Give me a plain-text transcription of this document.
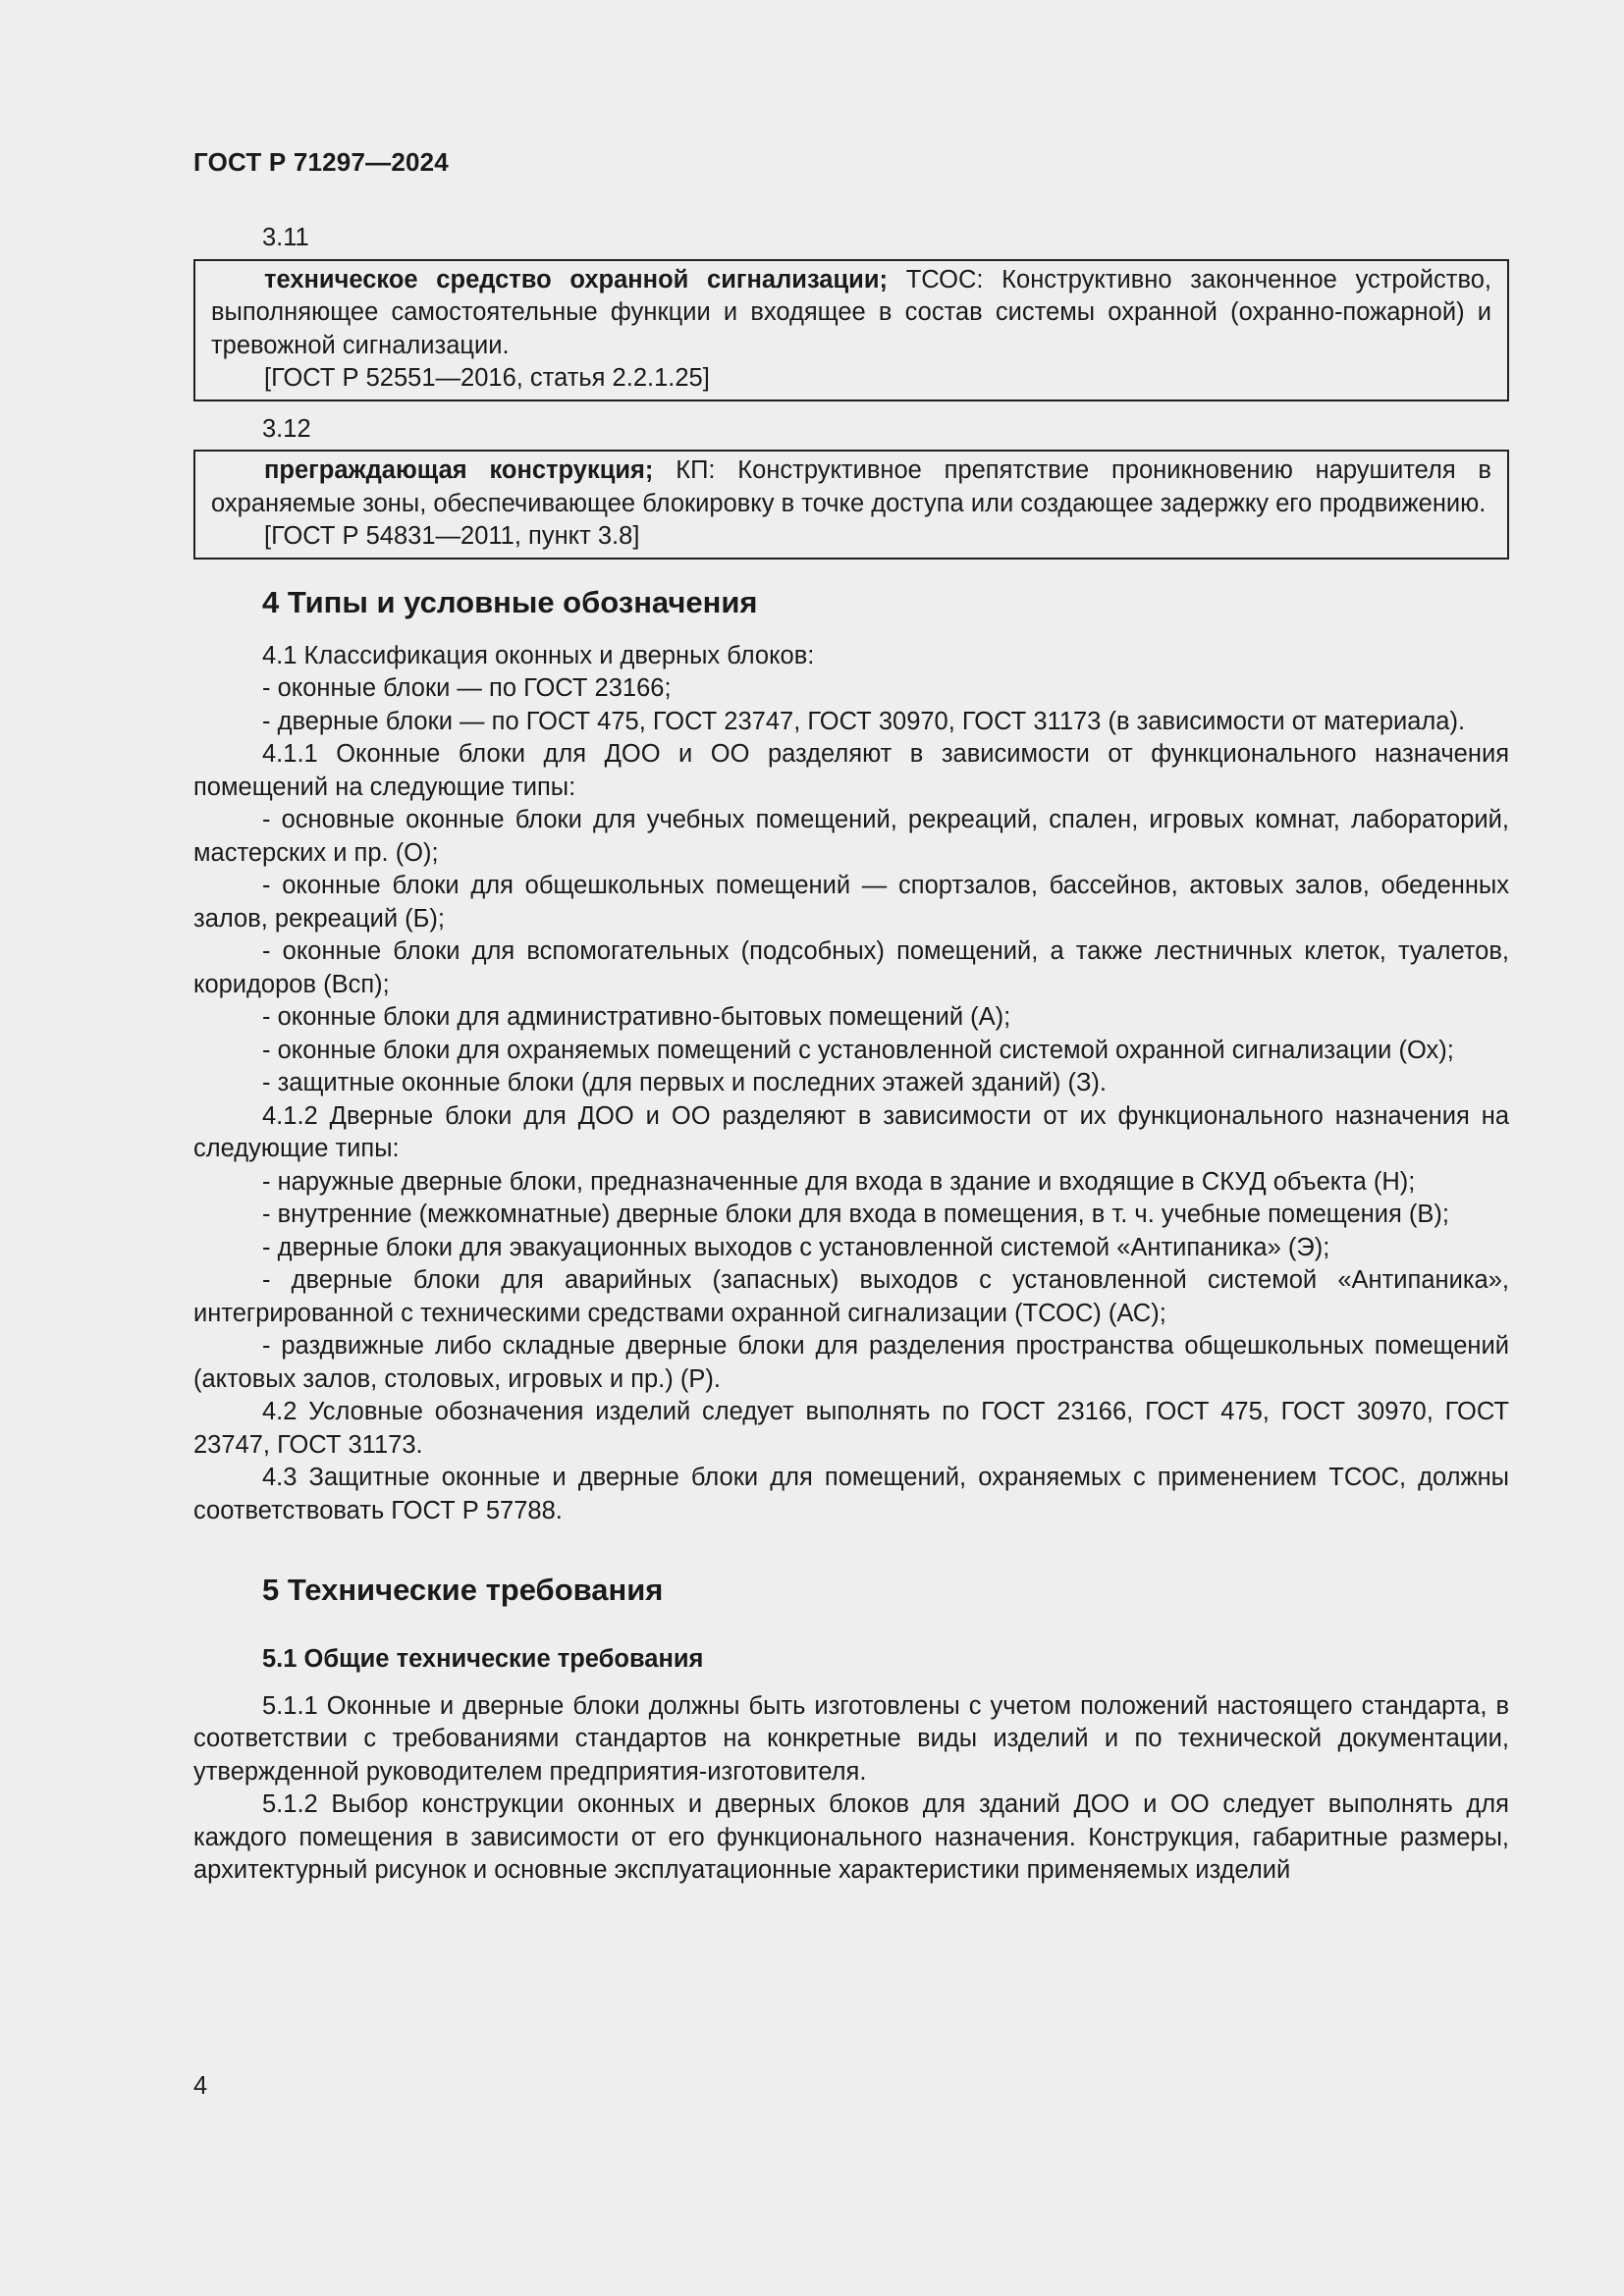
ГОСТ Р 71297—2024

3.11

техническое средство охранной сигнализации; ТСОС: Конструктивно законченное устройство, выполняющее самостоятельные функции и входящее в состав системы охранной (охранно-пожарной) и тревожной сигнализации.

[ГОСТ Р 52551—2016, статья 2.2.1.25]

3.12

преграждающая конструкция; КП: Конструктивное препятствие проникновению нарушителя в охраняемые зоны, обеспечивающее блокировку в точке доступа или создающее задержку его продвижению.

[ГОСТ Р 54831—2011, пункт 3.8]

4 Типы и условные обозначения

4.1 Классификация оконных и дверных блоков:

- оконные блоки — по ГОСТ 23166;

- дверные блоки — по ГОСТ 475, ГОСТ 23747, ГОСТ 30970, ГОСТ 31173 (в зависимости от материала).

4.1.1 Оконные блоки для ДОО и ОО разделяют в зависимости от функционального назначения помещений на следующие типы:

- основные оконные блоки для учебных помещений, рекреаций, спален, игровых комнат, лабораторий, мастерских и пр. (О);

- оконные блоки для общешкольных помещений — спортзалов, бассейнов, актовых залов, обеденных залов, рекреаций (Б);

- оконные блоки для вспомогательных (подсобных) помещений, а также лестничных клеток, туалетов, коридоров (Всп);

- оконные блоки для административно-бытовых помещений (А);

- оконные блоки для охраняемых помещений с установленной системой охранной сигнализации (Ох);

- защитные оконные блоки (для первых и последних этажей зданий) (З).

4.1.2 Дверные блоки для ДОО и ОО разделяют в зависимости от их функционального назначения на следующие типы:

- наружные дверные блоки, предназначенные для входа в здание и входящие в СКУД объекта (Н);

- внутренние (межкомнатные) дверные блоки для входа в помещения, в т. ч. учебные помещения (В);

- дверные блоки для эвакуационных выходов с установленной системой «Антипаника» (Э);

- дверные блоки для аварийных (запасных) выходов с установленной системой «Антипаника», интегрированной с техническими средствами охранной сигнализации (ТСОС) (АС);

- раздвижные либо складные дверные блоки для разделения пространства общешкольных помещений (актовых залов, столовых, игровых и пр.) (Р).

4.2 Условные обозначения изделий следует выполнять по ГОСТ 23166, ГОСТ 475, ГОСТ 30970, ГОСТ 23747, ГОСТ 31173.

4.3 Защитные оконные и дверные блоки для помещений, охраняемых с применением ТСОС, должны соответствовать ГОСТ Р 57788.

5 Технические требования
5.1 Общие технические требования

5.1.1 Оконные и дверные блоки должны быть изготовлены с учетом положений настоящего стандарта, в соответствии с требованиями стандартов на конкретные виды изделий и по технической документации, утвержденной руководителем предприятия-изготовителя.

5.1.2 Выбор конструкции оконных и дверных блоков для зданий ДОО и ОО следует выполнять для каждого помещения в зависимости от его функционального назначения. Конструкция, габаритные размеры, архитектурный рисунок и основные эксплуатационные характеристики применяемых изделий

4
